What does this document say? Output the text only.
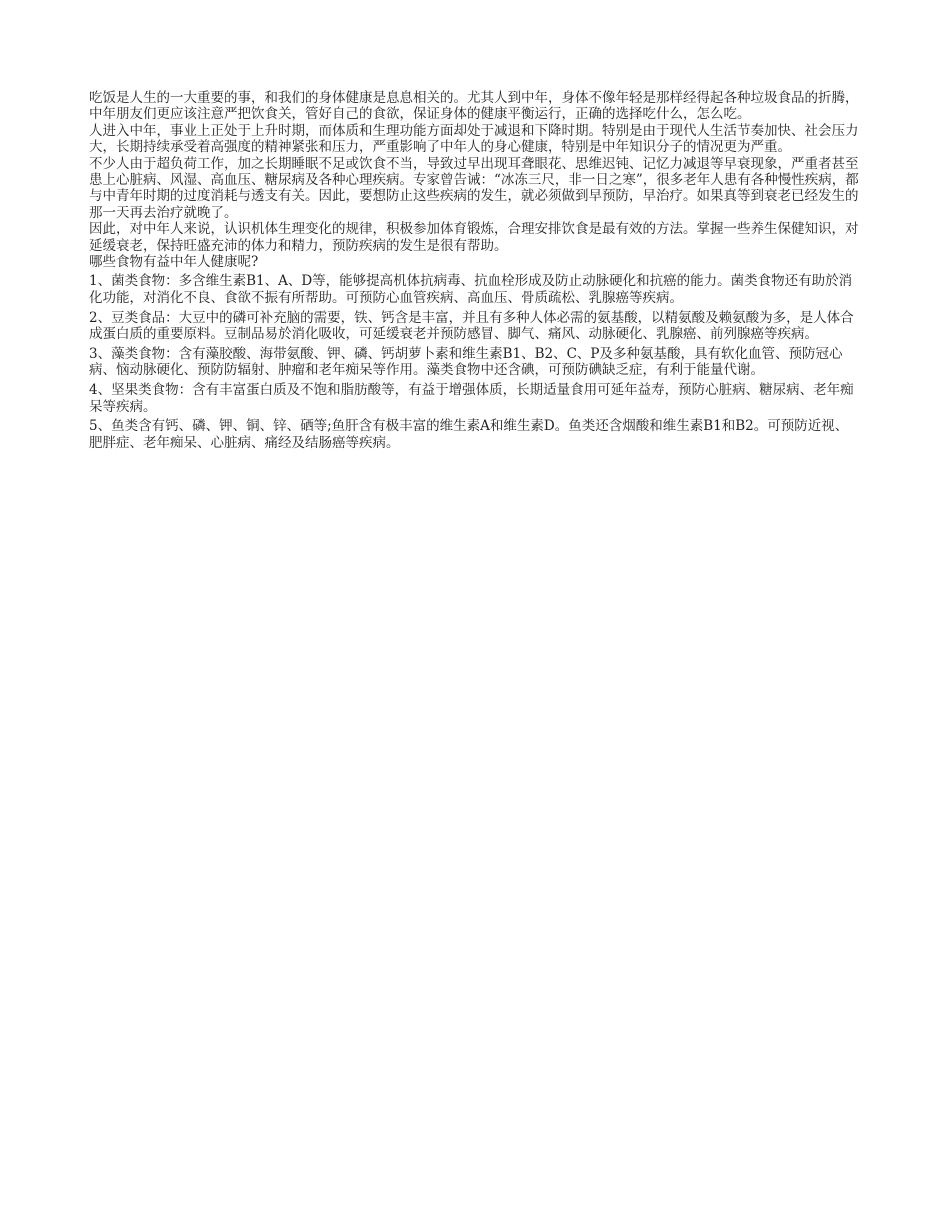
吃饭是人生的一大重要的事，和我们的身体健康是息息相关的。尤其人到中年，身体不像年轻是那样经得起各种垃圾食品的折腾，中年朋友们更应该注意严把饮食关，管好自己的食欲，保证身体的健康平衡运行，正确的选择吃什么，怎么吃。

人进入中年，事业上正处于上升时期，而体质和生理功能方面却处于减退和下降时期。特别是由于现代人生活节奏加快、社会压力大，长期持续承受着高强度的精神紧张和压力，严重影响了中年人的身心健康，特别是中年知识分子的情况更为严重。

不少人由于超负荷工作，加之长期睡眠不足或饮食不当，导致过早出现耳聋眼花、思维迟钝、记忆力减退等早衰现象，严重者甚至患上心脏病、风湿、高血压、糖尿病及各种心理疾病。专家曾告诫：“冰冻三尺，非一日之寒”，很多老年人患有各种慢性疾病，都与中青年时期的过度消耗与透支有关。因此，要想防止这些疾病的发生，就必须做到早预防，早治疗。如果真等到衰老已经发生的那一天再去治疗就晚了。

因此，对中年人来说，认识机体生理变化的规律，积极参加体育锻炼，合理安排饮食是最有效的方法。掌握一些养生保健知识，对延缓衰老，保持旺盛充沛的体力和精力，预防疾病的发生是很有帮助。

哪些食物有益中年人健康呢?

1、菌类食物：多含维生素B1、A、D等，能够提高机体抗病毒、抗血栓形成及防止动脉硬化和抗癌的能力。菌类食物还有助於消化功能，对消化不良、食欲不振有所帮助。可预防心血管疾病、高血压、骨质疏松、乳腺癌等疾病。

2、豆类食品：大豆中的磷可补充脑的需要，铁、钙含是丰富，并且有多种人体必需的氨基酸，以精氨酸及赖氨酸为多，是人体合成蛋白质的重要原料。豆制品易於消化吸收，可延缓衰老并预防感冒、脚气、痛风、动脉硬化、乳腺癌、前列腺癌等疾病。

3、藻类食物：含有藻胶酸、海带氨酸、钾、磷、钙胡萝卜素和维生素B1、B2、C、P及多种氨基酸，具有软化血管、预防冠心病、恼动脉硬化、预防防辐射、肿瘤和老年痴呆等作用。藻类食物中还含碘，可预防碘缺乏症，有利于能量代谢。

4、坚果类食物：含有丰富蛋白质及不饱和脂肪酸等，有益于增强体质，长期适量食用可延年益寿，预防心脏病、糖尿病、老年痴呆等疾病。

5、鱼类含有钙、磷、钾、铜、锌、硒等;鱼肝含有极丰富的维生素A和维生素D。鱼类还含烟酸和维生素B1和B2。可预防近视、肥胖症、老年痴呆、心脏病、痛经及结肠癌等疾病。
